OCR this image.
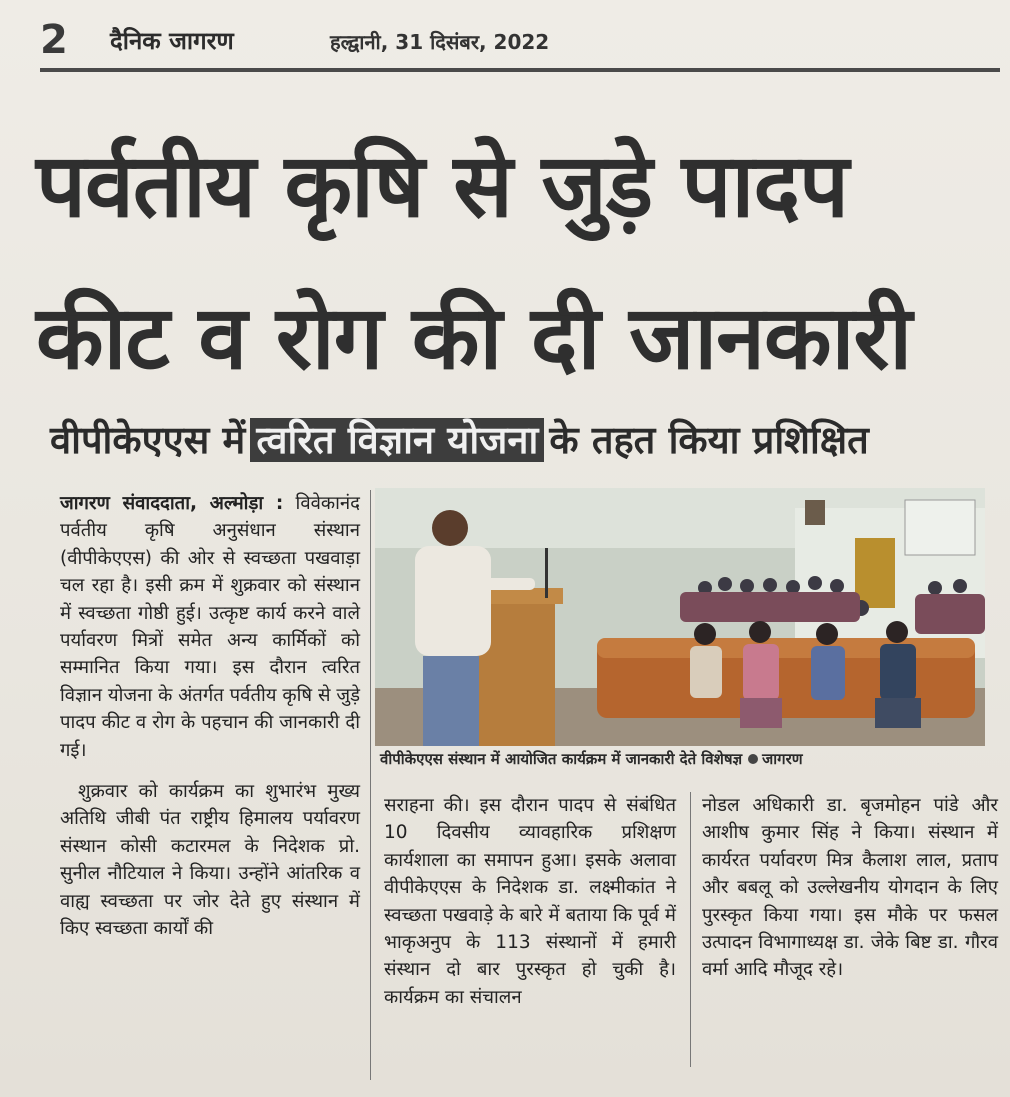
2 दैनिक जागरण	हल्द्वानी, 31 दिसंबर, 2022
पर्वतीय कृषि से जुड़े पादप
कीट व रोग की दी जानकारी
वीपीकेएएस में त्वरित विज्ञान योजना के तहत किया प्रशिक्षित

जागरण संवाददाता, अल्मोड़ा : विवेकानंद पर्वतीय कृषि अनुसंधान संस्थान (वीपीकेएएस) की ओर से स्वच्छता पखवाड़ा चल रहा है। इसी क्रम में शुक्रवार को संस्थान में स्वच्छता गोष्ठी हुई। उत्कृष्ट कार्य करने वाले पर्यावरण मित्रों समेत अन्य कार्मिकों को सम्मानित किया गया। इस दौरान त्वरित विज्ञान योजना के अंतर्गत पर्वतीय कृषि से जुड़े पादप कीट व रोग के पहचान की जानकारी दी गई।

शुक्रवार को कार्यक्रम का शुभारंभ मुख्य अतिथि जीबी पंत राष्ट्रीय हिमालय पर्यावरण संस्थान कोसी कटारमल के निदेशक प्रो. सुनील नौटियाल ने किया। उन्होंने आंतरिक व वाह्य स्वच्छता पर जोर देते हुए संस्थान में किए स्वच्छता कार्यों की

वीपीकेएएस संस्थान में आयोजित कार्यक्रम में जानकारी देते विशेषज्ञ जागरण

सराहना की। इस दौरान पादप से संबंधित 10 दिवसीय व्यावहारिक प्रशिक्षण कार्यशाला का समापन हुआ। इसके अलावा वीपीकेएएस के निदेशक डा. लक्ष्मीकांत ने स्वच्छता पखवाड़े के बारे में बताया कि पूर्व में भाकृअनुप के 113 संस्थानों में हमारी संस्थान दो बार पुरस्कृत हो चुकी है। कार्यक्रम का संचालन

नोडल अधिकारी डा. बृजमोहन पांडे और आशीष कुमार सिंह ने किया। संस्थान में कार्यरत पर्यावरण मित्र कैलाश लाल, प्रताप और बबलू को उल्लेखनीय योगदान के लिए पुरस्कृत किया गया। इस मौके पर फसल उत्पादन विभागाध्यक्ष डा. जेके बिष्ट डा. गौरव वर्मा आदि मौजूद रहे।
